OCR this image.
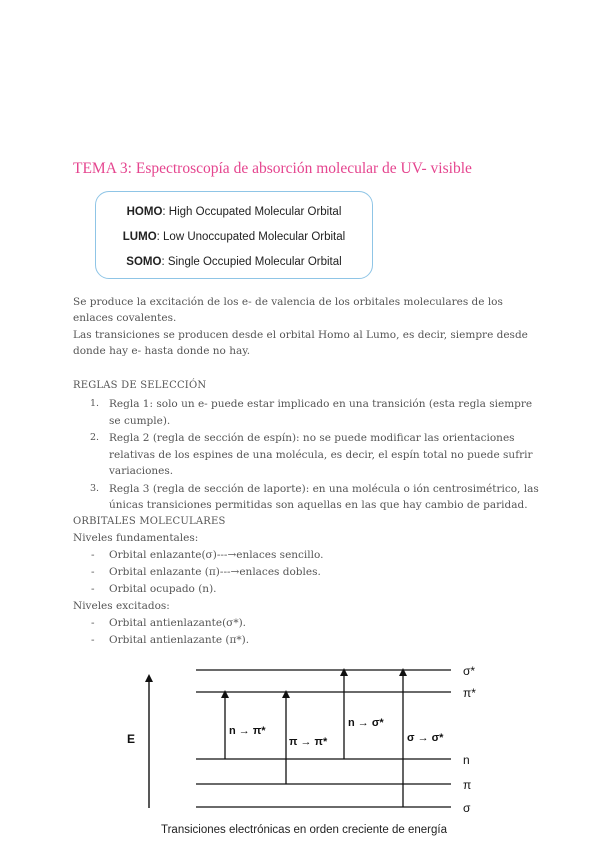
TEMA 3: Espectroscopía de absorción molecular de UV- visible
HOMO: High Occupated Molecular Orbital
LUMO: Low Unoccupated Molecular Orbital
SOMO: Single Occupied Molecular Orbital
Se produce la excitación de los e- de valencia de los orbitales moleculares de los enlaces covalentes.
Las transiciones se producen desde el orbital Homo al Lumo, es decir, siempre desde donde hay e- hasta donde no hay.
REGLAS DE SELECCIÓN
1. Regla 1: solo un e- puede estar implicado en una transición (esta regla siempre se cumple).
2. Regla 2 (regla de sección de espín): no se puede modificar las orientaciones relativas de los espines de una molécula, es decir, el espín total no puede sufrir variaciones.
3. Regla 3 (regla de sección de laporte): en una molécula o ión centrosimétrico, las únicas transiciones permitidas son aquellas en las que hay cambio de paridad.
ORBITALES MOLECULARES
Niveles fundamentales:
- Orbital enlazante(σ)---→enlaces sencillo.
- Orbital enlazante (π)---→enlaces dobles.
- Orbital ocupado (n).
Niveles excitados:
- Orbital antienlazante(σ*).
- Orbital antienlazante (π*).
E
σ*
π*
n
π
σ
n → π*
π → π*
n → σ*
σ → σ*
Transiciones electrónicas en orden creciente de energía
